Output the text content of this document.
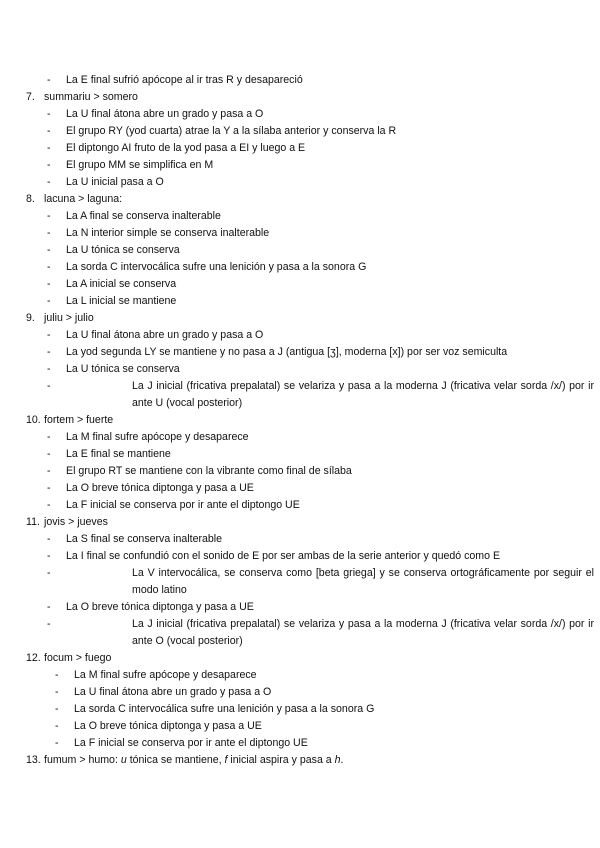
- La E final sufrió apócope al ir tras R y desapareció
7. summariu > somero
- La U final átona abre un grado y pasa a O
- El grupo RY (yod cuarta) atrae la Y a la sílaba anterior y conserva la R
- El diptongo AI fruto de la yod pasa a EI y luego a E
- El grupo MM se simplifica en M
- La U inicial pasa a O
8. lacuna > laguna:
- La A final se conserva inalterable
- La N interior simple se conserva inalterable
- La U tónica se conserva
- La sorda C intervocálica sufre una lenición y pasa a la sonora G
- La A inicial se conserva
- La L inicial se mantiene
9. juliu > julio
- La U final átona abre un grado y pasa a O
- La yod segunda LY se mantiene y no pasa a J (antigua [ʒ], moderna [x]) por ser voz semiculta
- La U tónica se conserva
-	La J inicial (fricativa prepalatal) se velariza y pasa a la moderna J (fricativa velar sorda /x/) por ir ante U (vocal posterior)
10. fortem > fuerte
- La M final sufre apócope y desaparece
- La E final se mantiene
- El grupo RT se mantiene con la vibrante como final de sílaba
- La O breve tónica diptonga y pasa a UE
- La F inicial se conserva por ir ante el diptongo UE
11. jovis > jueves
- La S final se conserva inalterable
- La I final se confundió con el sonido de E por ser ambas de la serie anterior y quedó como E
-	La V intervocálica, se conserva como [beta griega] y se conserva ortográficamente por seguir el modo latino
- La O breve tónica diptonga y pasa a UE
-	La J inicial (fricativa prepalatal) se velariza y pasa a la moderna J (fricativa velar sorda /x/) por ir ante O (vocal posterior)
12. focum > fuego
- La M final sufre apócope y desaparece
- La U final átona abre un grado y pasa a O
- La sorda C intervocálica sufre una lenición y pasa a la sonora G
- La O breve tónica diptonga y pasa a UE
- La F inicial se conserva por ir ante el diptongo UE
13. fumum > humo: u tónica se mantiene, f inicial aspira y pasa a h.
